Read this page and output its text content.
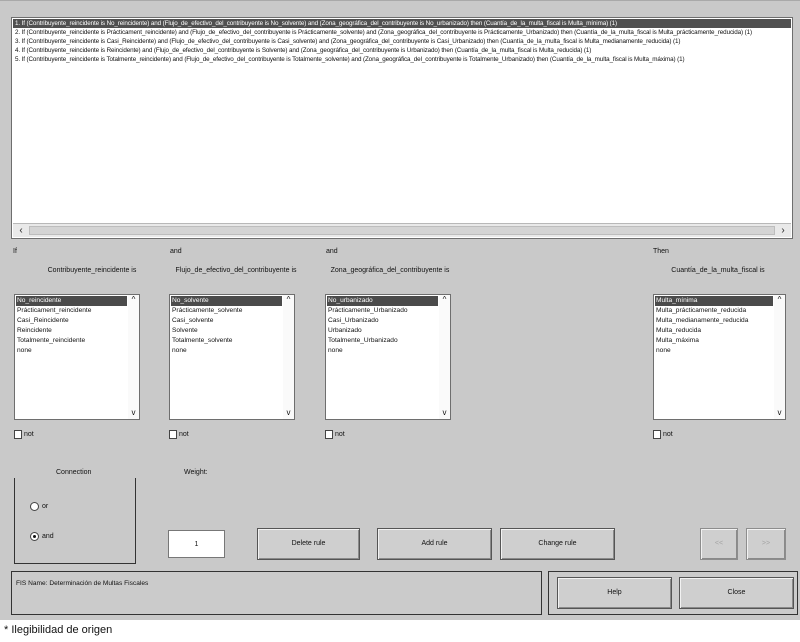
1. If (Contribuyente_reincidente is No_reincidente) and (Flujo_de_efectivo_del_contribuyente is No_solvente) and (Zona_geográfica_del_contribuyente is No_urbanizado) then (Cuantía_de_la_multa_fiscal is Multa_mínima) (1)
2. If (Contribuyente_reincidente is Prácticament_reincidente) and (Flujo_de_efectivo_del_contribuyente is Prácticamente_solvente) and (Zona_geográfica_del_contribuyente is Prácticamente_Urbanizado) then (Cuantía_de_la_multa_fiscal is Multa_prácticamente_reducida) (1)
3. If (Contribuyente_reincidente is Casi_Reincidente) and (Flujo_de_efectivo_del_contribuyente is Casi_solvente) and (Zona_geográfica_del_contribuyente is Casi_Urbanizado) then (Cuantía_de_la_multa_fiscal is Multa_medianamente_reducida) (1)
4. If (Contribuyente_reincidente is Reincidente) and (Flujo_de_efectivo_del_contribuyente is Solvente) and (Zona_geográfica_del_contribuyente is Urbanizado) then (Cuantía_de_la_multa_fiscal is Multa_reducida) (1)
5. If (Contribuyente_reincidente is Totalmente_reincidente) and (Flujo_de_efectivo_del_contribuyente is Totalmente_solvente) and (Zona_geográfica_del_contribuyente is Totalmente_Urbanizado) then (Cuantía_de_la_multa_fiscal is Multa_máxima) (1)
‹	›
If	and	and	Then
Contribuyente_reincidente is	Flujo_de_efectivo_del_contribuyente is	Zona_geográfica_del_contribuyente is	Cuantía_de_la_multa_fiscal is
No_reincidente
Prácticament_reincidente
Casi_Reincidente
Reincidente
Totalmente_reincidente
none
^
v
No_solvente
Prácticamente_solvente
Casi_solvente
Solvente
Totalmente_solvente
none
^
v
No_urbanizado
Prácticamente_Urbanizado
Casi_Urbanizado
Urbanizado
Totalmente_Urbanizado
none
^
v
Multa_mínima
Multa_prácticamente_reducida
Multa_medianamente_reducida
Multa_reducida
Multa_máxima
none
^
v
not	not	not	not
Connection
or
and
Weight:
1	Delete rule	Add rule	Change rule	<<	>>
FIS Name: Determinación de Multas Fiscales
Help	Close
* Ilegibilidad de origen
